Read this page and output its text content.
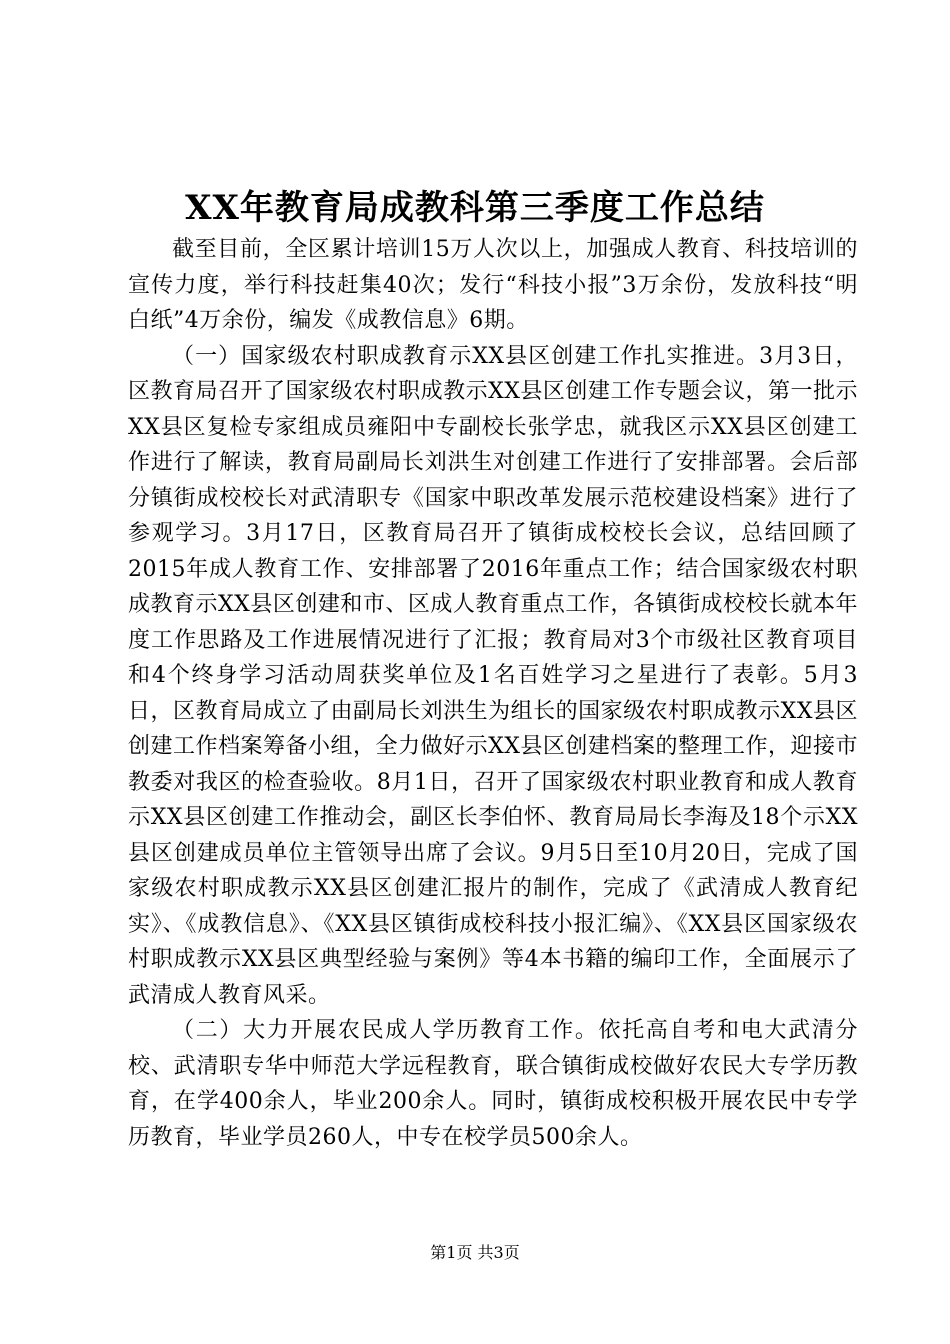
XX年教育局成教科第三季度工作总结

截至目前，全区累计培训15万人次以上，加强成人教育、科技培训的宣传力度，举行科技赶集40次；发行“科技小报”3万余份，发放科技“明白纸”4万余份，编发《成教信息》6期。

（一）国家级农村职成教育示XX县区创建工作扎实推进。3月3日，区教育局召开了国家级农村职成教示XX县区创建工作专题会议，第一批示XX县区复检专家组成员雍阳中专副校长张学忠，就我区示XX县区创建工作进行了解读，教育局副局长刘洪生对创建工作进行了安排部署。会后部分镇街成校校长对武清职专《国家中职改革发展示范校建设档案》进行了参观学习。3月17日，区教育局召开了镇街成校校长会议，总结回顾了2015年成人教育工作、安排部署了2016年重点工作；结合国家级农村职成教育示XX县区创建和市、区成人教育重点工作，各镇街成校校长就本年度工作思路及工作进展情况进行了汇报；教育局对3个市级社区教育项目和4个终身学习活动周获奖单位及1名百姓学习之星进行了表彰。5月3日，区教育局成立了由副局长刘洪生为组长的国家级农村职成教示XX县区创建工作档案筹备小组，全力做好示XX县区创建档案的整理工作，迎接市教委对我区的检查验收。8月1日，召开了国家级农村职业教育和成人教育示XX县区创建工作推动会，副区长李伯怀、教育局局长李海及18个示XX县区创建成员单位主管领导出席了会议。9月5日至10月20日，完成了国家级农村职成教示XX县区创建汇报片的制作，完成了《武清成人教育纪实》、《成教信息》、《XX县区镇街成校科技小报汇编》、《XX县区国家级农村职成教示XX县区典型经验与案例》等4本书籍的编印工作，全面展示了武清成人教育风采。

（二）大力开展农民成人学历教育工作。依托高自考和电大武清分校、武清职专华中师范大学远程教育，联合镇街成校做好农民大专学历教育，在学400余人，毕业200余人。同时，镇街成校积极开展农民中专学历教育，毕业学员260人，中专在校学员500余人。

第1页 共3页
